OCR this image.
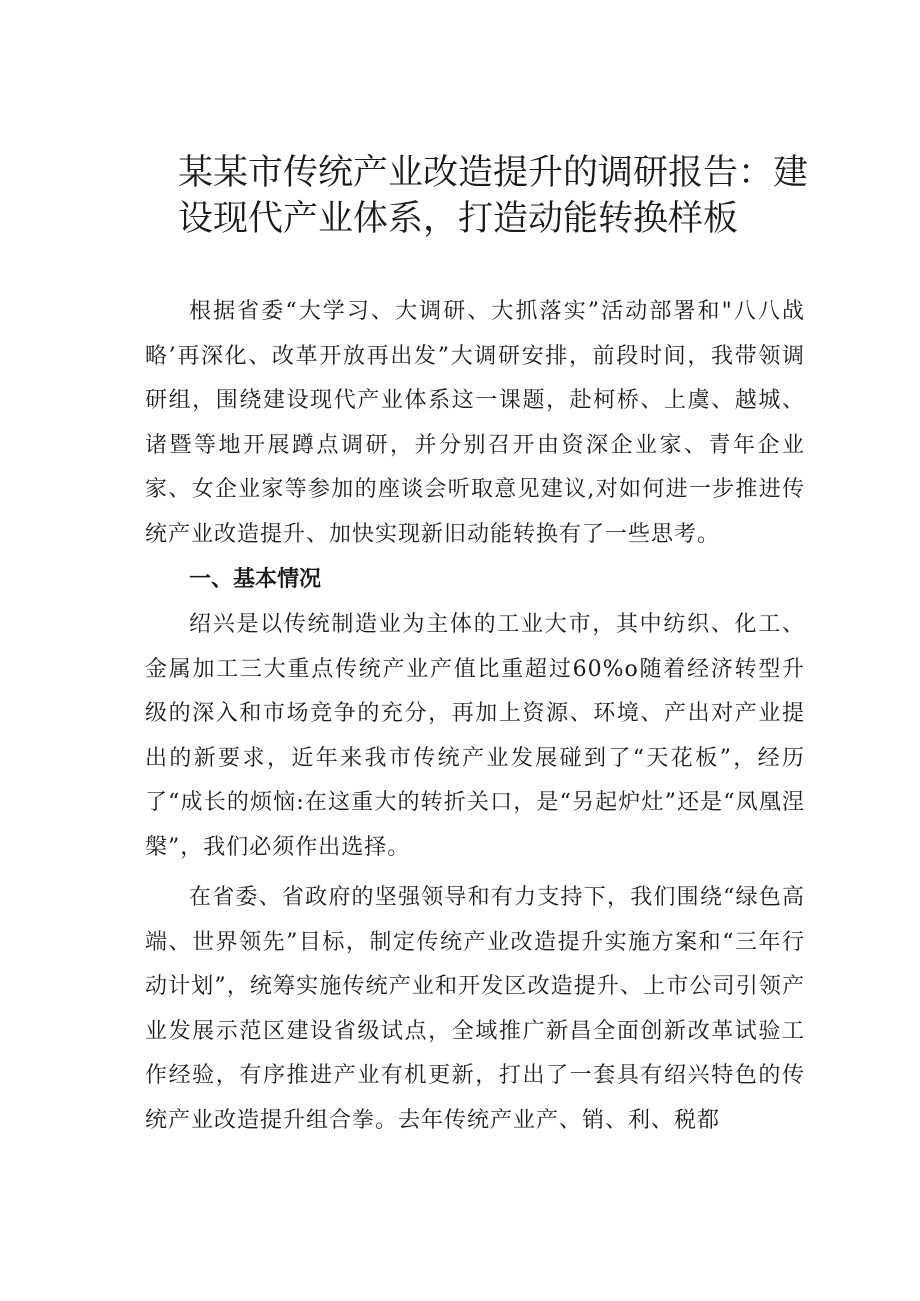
某某市传统产业改造提升的调研报告：建设现代产业体系，打造动能转换样板

根据省委“大学习、大调研、大抓落实”活动部署和"八八战略’再深化、改革开放再出发”大调研安排，前段时间，我带领调研组，围绕建设现代产业体系这一课题，赴柯桥、上虞、越城、诸暨等地开展蹲点调研，并分别召开由资深企业家、青年企业家、女企业家等参加的座谈会听取意见建议,对如何进一步推进传统产业改造提升、加快实现新旧动能转换有了一些思考。

一、基本情况

绍兴是以传统制造业为主体的工业大市，其中纺织、化工、金属加工三大重点传统产业产值比重超过60%o随着经济转型升级的深入和市场竞争的充分，再加上资源、环境、产出对产业提出的新要求，近年来我市传统产业发展碰到了“天花板”，经历了“成长的烦恼:在这重大的转折关口，是“另起炉灶”还是“凤凰涅槃”，我们必须作出选择。

在省委、省政府的坚强领导和有力支持下，我们围绕“绿色高端、世界领先”目标，制定传统产业改造提升实施方案和“三年行动计划”，统筹实施传统产业和开发区改造提升、上市公司引领产业发展示范区建设省级试点，全域推广新昌全面创新改革试验工作经验，有序推进产业有机更新，打出了一套具有绍兴特色的传统产业改造提升组合拳。去年传统产业产、销、利、税都
